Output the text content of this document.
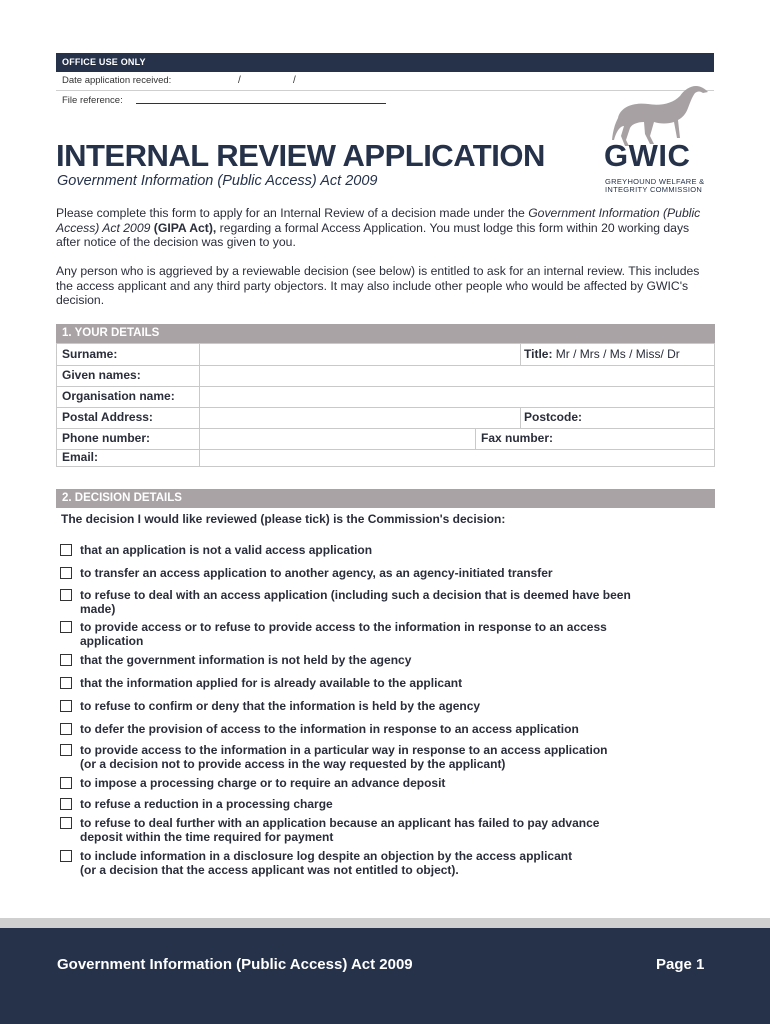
OFFICE USE ONLY
Date application received:	/	/
File reference:
GWIC
GREYHOUND WELFARE &
INTEGRITY COMMISSION
INTERNAL REVIEW APPLICATION
Government Information (Public Access) Act 2009
Please complete this form to apply for an Internal Review of a decision made under the Government Information (Public Access) Act 2009 (GIPA Act), regarding a formal Access Application. You must lodge this form within 20 working days after notice of the decision was given to you.
Any person who is aggrieved by a reviewable decision (see below) is entitled to ask for an internal review. This includes the access applicant and any third party objectors. It may also include other people who would be affected by GWIC's decision.
1. YOUR DETAILS
Surname:	Title: Mr / Mrs / Ms / Miss/ Dr
Given names:
Organisation name:
Postal Address:	Postcode:
Phone number:	Fax number:
Email:
2. DECISION DETAILS
The decision I would like reviewed (please tick) is the Commission's decision:
that an application is not a valid access application
to transfer an access application to another agency, as an agency-initiated transfer
to refuse to deal with an access application (including such a decision that is deemed have been
made)
to provide access or to refuse to provide access to the information in response to an access
application
that the government information is not held by the agency
that the information applied for is already available to the applicant
to refuse to confirm or deny that the information is held by the agency
to defer the provision of access to the information in response to an access application
to provide access to the information in a particular way in response to an access application
(or a decision not to provide access in the way requested by the applicant)
to impose a processing charge or to require an advance deposit
to refuse a reduction in a processing charge
to refuse to deal further with an application because an applicant has failed to pay advance
deposit within the time required for payment
to include information in a disclosure log despite an objection by the access applicant
(or a decision that the access applicant was not entitled to object).
Government Information (Public Access) Act 2009	Page 1
